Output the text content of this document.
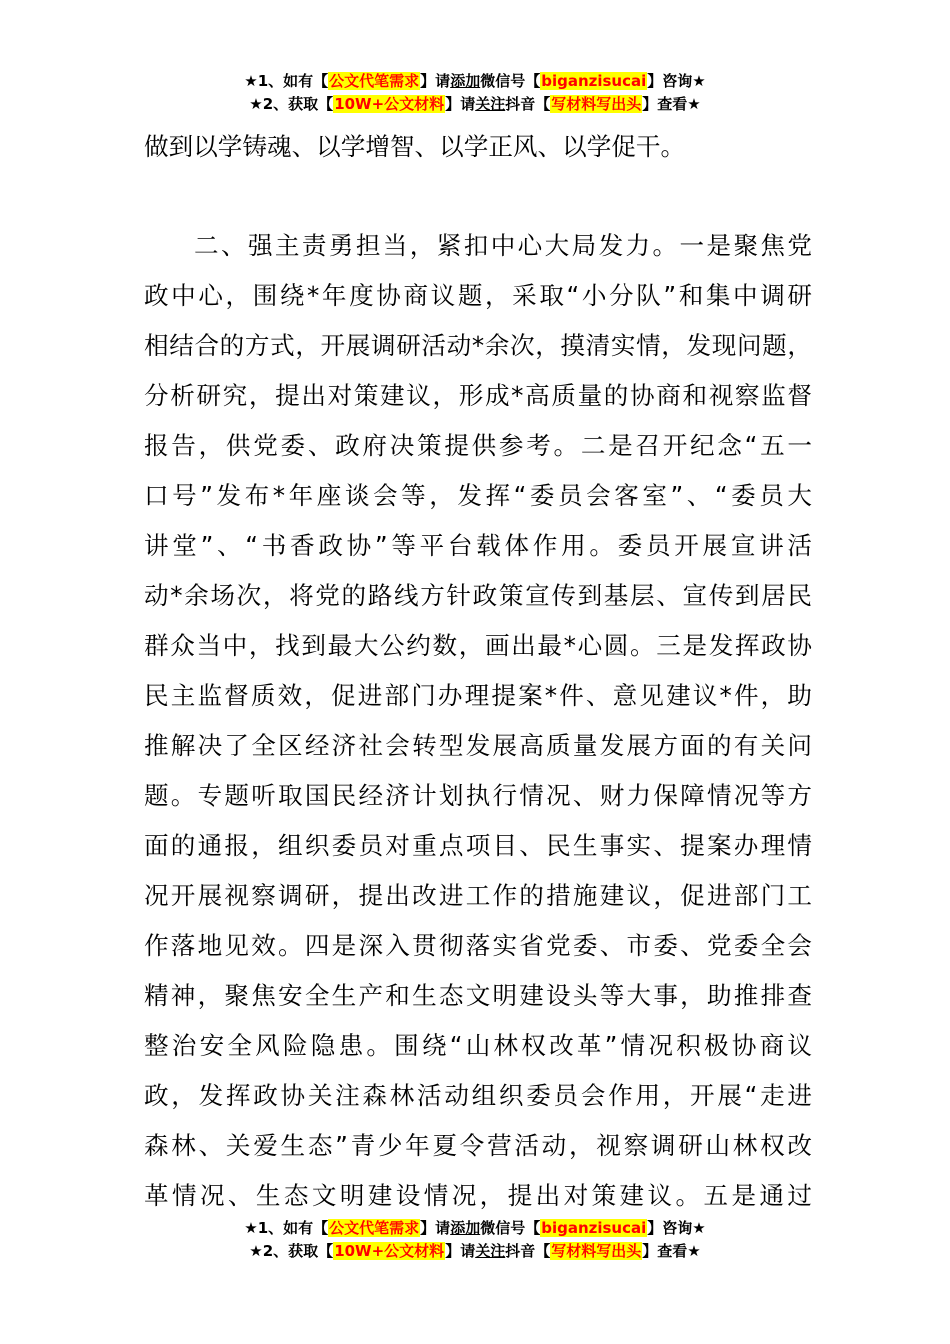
★1、如有【公文代笔需求】请添加微信号【biganzisucai】咨询★
★2、获取【10W+公文材料】请关注抖音【写材料写出头】查看★
做到以学铸魂、以学增智、以学正风、以学促干。
二、强主责勇担当，紧扣中心大局发力。一是聚焦党
政中心，围绕*年度协商议题，采取“小分队”和集中调研
相结合的方式，开展调研活动*余次，摸清实情，发现问题，
分析研究，提出对策建议，形成*高质量的协商和视察监督
报告，供党委、政府决策提供参考。二是召开纪念“五一
口号”发布*年座谈会等，发挥“委员会客室”、“委员大
讲堂”、“书香政协”等平台载体作用。委员开展宣讲活
动*余场次，将党的路线方针政策宣传到基层、宣传到居民
群众当中，找到最大公约数，画出最*心圆。三是发挥政协
民主监督质效，促进部门办理提案*件、意见建议*件，助
推解决了全区经济社会转型发展高质量发展方面的有关问
题。专题听取国民经济计划执行情况、财力保障情况等方
面的通报，组织委员对重点项目、民生事实、提案办理情
况开展视察调研，提出改进工作的措施建议，促进部门工
作落地见效。四是深入贯彻落实省党委、市委、党委全会
精神，聚焦安全生产和生态文明建设头等大事，助推排查
整治安全风险隐患。围绕“山林权改革”情况积极协商议
政，发挥政协关注森林活动组织委员会作用，开展“走进
森林、关爱生态”青少年夏令营活动，视察调研山林权改
革情况、生态文明建设情况，提出对策建议。五是通过
★1、如有【公文代笔需求】请添加微信号【biganzisucai】咨询★
★2、获取【10W+公文材料】请关注抖音【写材料写出头】查看★
